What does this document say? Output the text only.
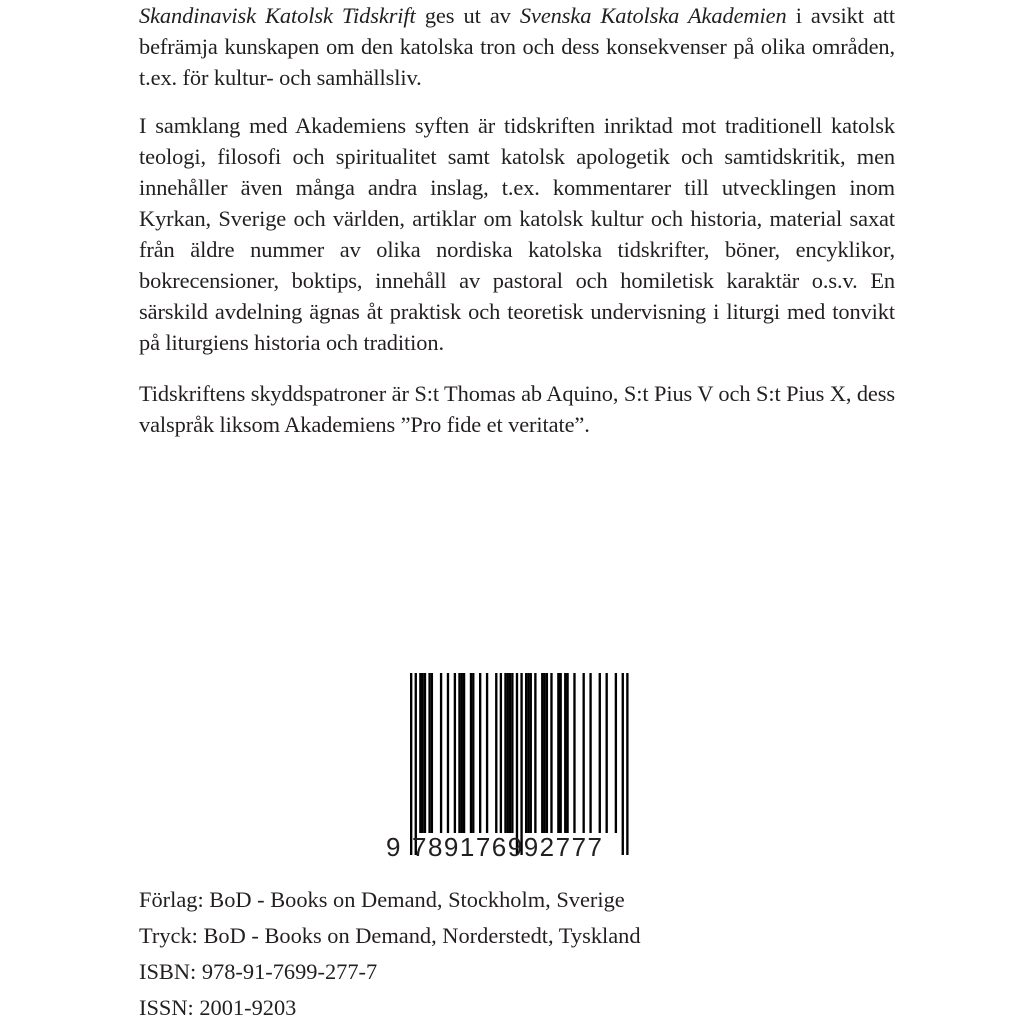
Skandinavisk Katolsk Tidskrift ges ut av Svenska Katolska Akademien i avsikt att befrämja kunskapen om den katolska tron och dess konsekvenser på olika områden, t.ex. för kultur- och samhällsliv.

I samklang med Akademiens syften är tidskriften inriktad mot traditionell katolsk teologi, filosofi och spiritualitet samt katolsk apologetik och samtidskritik, men innehåller även många andra inslag, t.ex. kommentarer till utvecklingen inom Kyrkan, Sverige och världen, artiklar om katolsk kultur och historia, material saxat från äldre nummer av olika nordiska katolska tidskrifter, böner, encyklikor, bokrecensioner, boktips, innehåll av pastoral och homiletisk karaktär o.s.v. En särskild avdelning ägnas åt praktisk och teoretisk undervisning i liturgi med tonvikt på liturgiens historia och tradition.

Tidskriftens skyddspatroner är S:t Thomas ab Aquino, S:t Pius V och S:t Pius X, dess valspråk liksom Akademiens ”Pro fide et veritate”.

9 789176992777
Förlag: BoD - Books on Demand, Stockholm, Sverige
Tryck: BoD - Books on Demand, Norderstedt, Tyskland
ISBN: 978-91-7699-277-7
ISSN: 2001-9203
